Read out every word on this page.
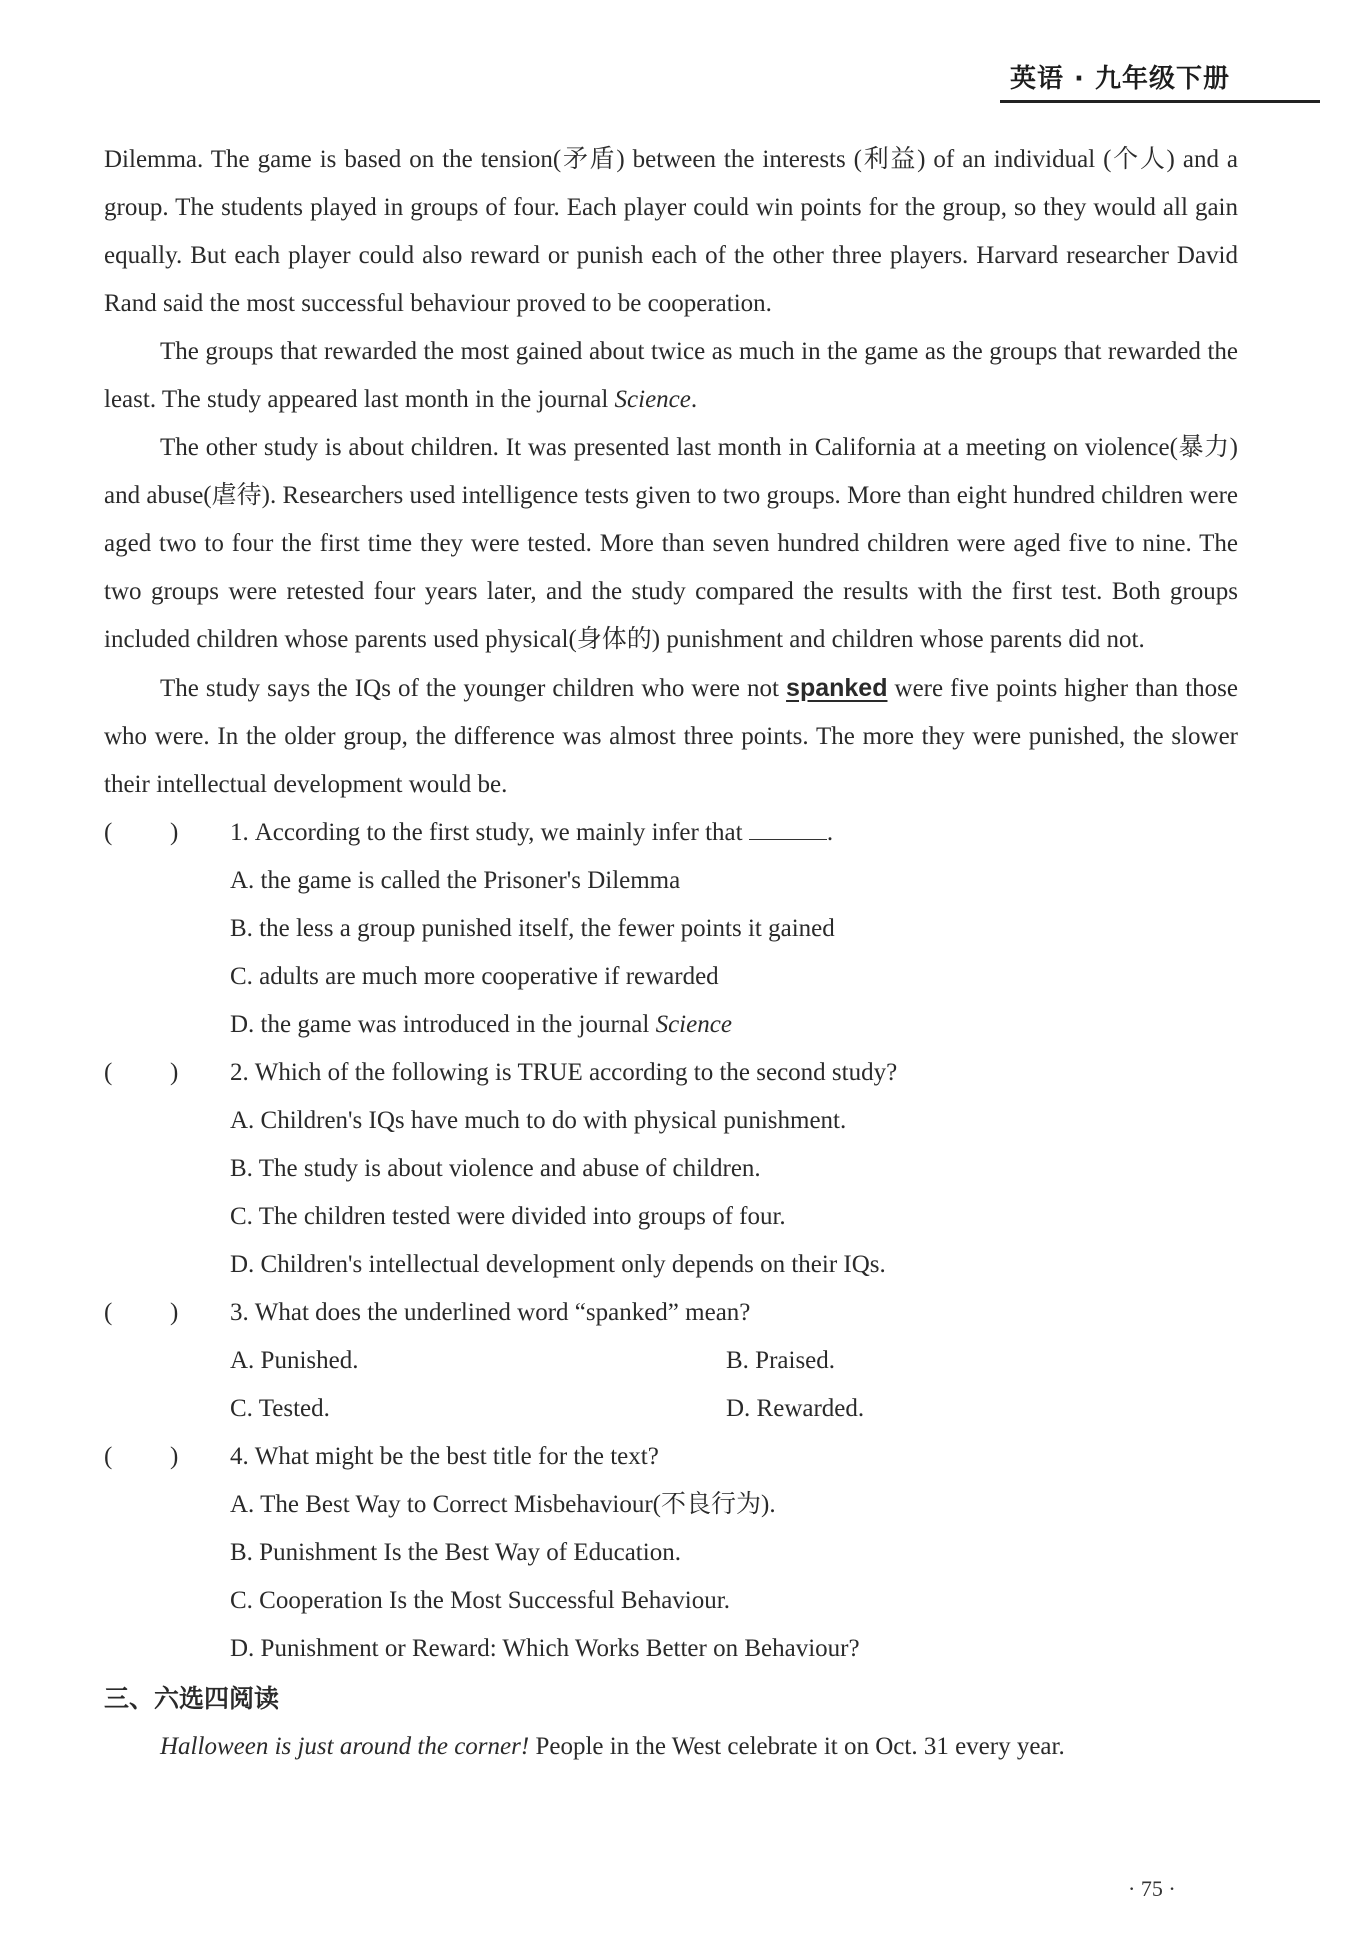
英语 · 九年级下册

Dilemma. The game is based on the tension(矛盾) between the interests (利益) of an individual (个人) and a group. The students played in groups of four. Each player could win points for the group, so they would all gain equally. But each player could also reward or punish each of the other three players. Harvard researcher David Rand said the most successful behaviour proved to be cooperation.

The groups that rewarded the most gained about twice as much in the game as the groups that rewarded the least. The study appeared last month in the journal Science.

The other study is about children. It was presented last month in California at a meeting on violence(暴力) and abuse(虐待). Researchers used intelligence tests given to two groups. More than eight hundred children were aged two to four the first time they were tested. More than seven hundred children were aged five to nine. The two groups were retested four years later, and the study compared the results with the first test. Both groups included children whose parents used physical(身体的) punishment and children whose parents did not.

The study says the IQs of the younger children who were not spanked were five points higher than those who were. In the older group, the difference was almost three points. The more they were punished, the slower their intellectual development would be.

( ) 1. According to the first study, we mainly infer that	.
A. the game is called the Prisoner's Dilemma
B. the less a group punished itself, the fewer points it gained
C. adults are much more cooperative if rewarded
D. the game was introduced in the journal Science
( ) 2. Which of the following is TRUE according to the second study?
A. Children's IQs have much to do with physical punishment.
B. The study is about violence and abuse of children.
C. The children tested were divided into groups of four.
D. Children's intellectual development only depends on their IQs.
( ) 3. What does the underlined word “spanked” mean?
A. Punished.	B. Praised.
C. Tested.	D. Rewarded.
( ) 4. What might be the best title for the text?
A. The Best Way to Correct Misbehaviour(不良行为).
B. Punishment Is the Best Way of Education.
C. Cooperation Is the Most Successful Behaviour.
D. Punishment or Reward: Which Works Better on Behaviour?
三、六选四阅读

Halloween is just around the corner! People in the West celebrate it on Oct. 31 every year.

· 75 ·
